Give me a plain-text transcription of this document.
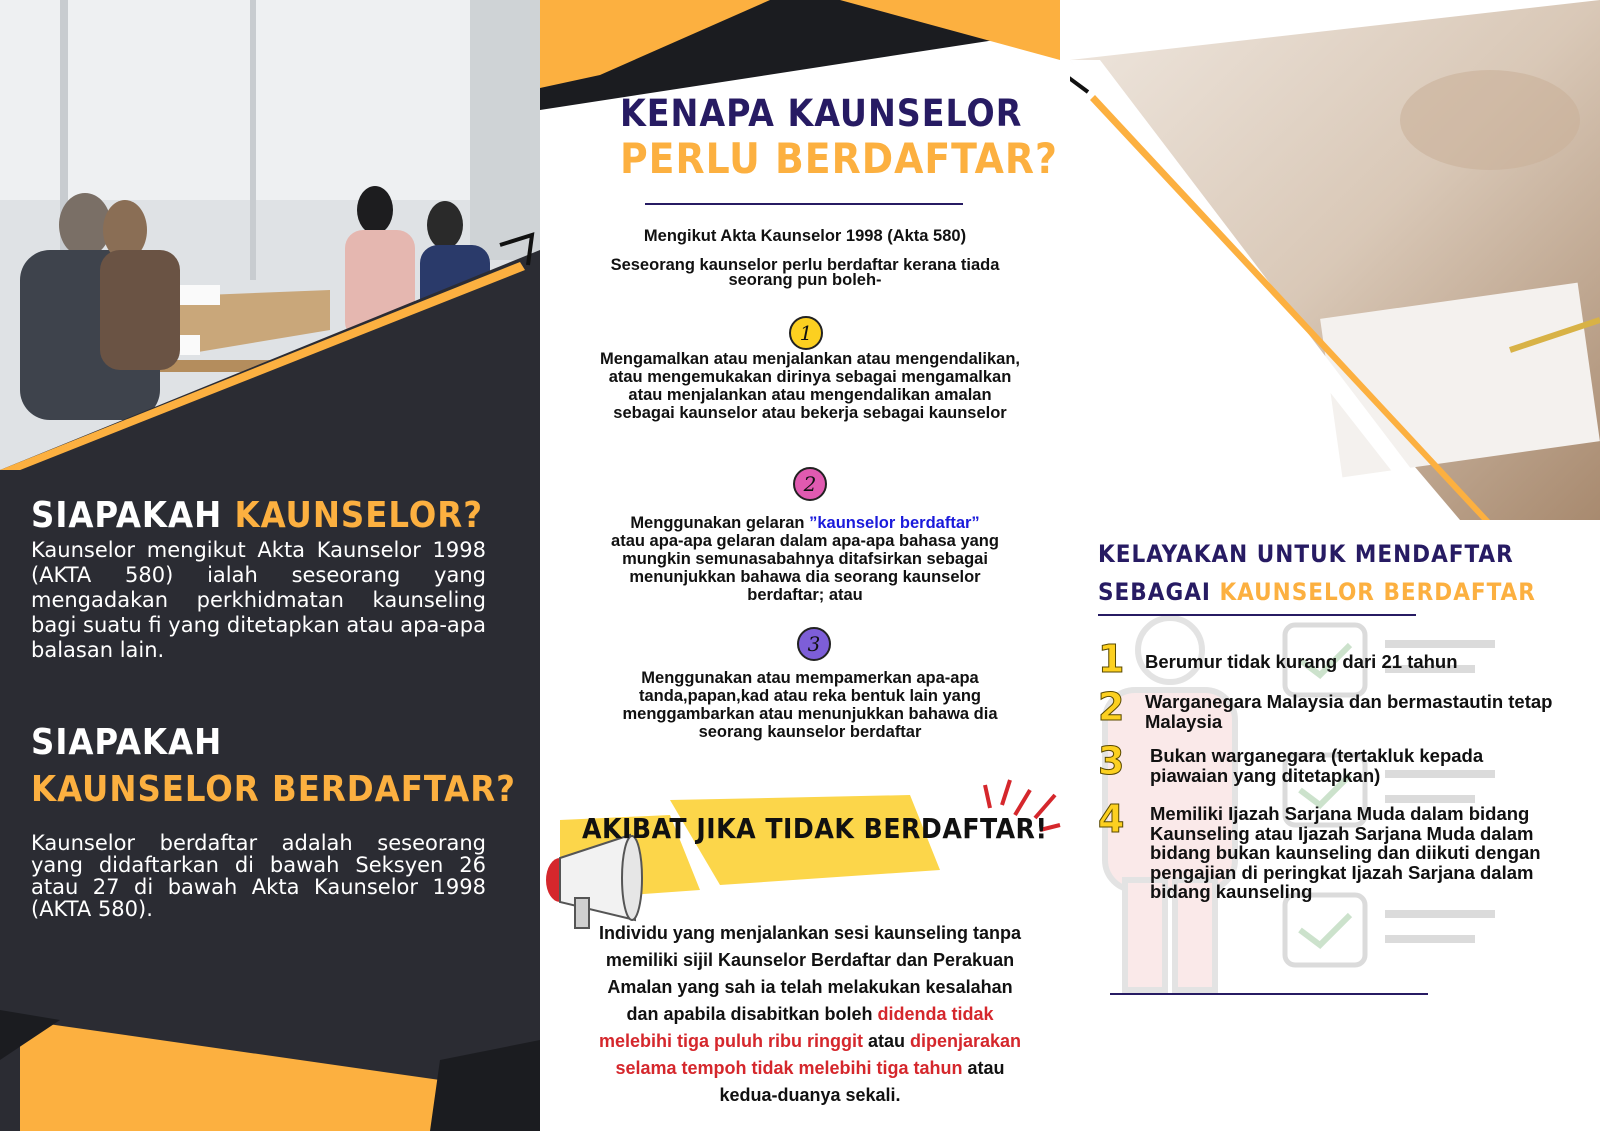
SIAPAKAH KAUNSELOR?
Kaunselor mengikut Akta Kaunselor 1998 (AKTA 580) ialah seseorang yang mengadakan perkhidmatan kaunseling bagi suatu fi yang ditetapkan atau apa-apa balasan lain.
SIAPAKAH
KAUNSELOR BERDAFTAR?
Kaunselor berdaftar adalah seseorang yang didaftarkan di bawah Seksyen 26 atau 27 di bawah Akta Kaunselor 1998 (AKTA 580).
KENAPA KAUNSELOR
PERLU BERDAFTAR?
Mengikut Akta Kaunselor 1998 (Akta 580)
Seseorang kaunselor perlu berdaftar kerana tiada seorang pun boleh-
1
Mengamalkan atau menjalankan atau mengendalikan, atau mengemukakan dirinya sebagai mengamalkan atau menjalankan atau mengendalikan amalan sebagai kaunselor atau bekerja sebagai kaunselor
2
Menggunakan gelaran ”kaunselor berdaftar”
atau apa-apa gelaran dalam apa-apa bahasa yang mungkin semunasabahnya ditafsirkan sebagai menunjukkan bahawa dia seorang kaunselor berdaftar; atau
3
Menggunakan atau mempamerkan apa-apa tanda,papan,kad atau reka bentuk lain yang menggambarkan atau menunjukkan bahawa dia seorang kaunselor berdaftar
AKIBAT JIKA TIDAK BERDAFTAR!
Individu yang menjalankan sesi kaunseling tanpa memiliki sijil Kaunselor Berdaftar dan Perakuan Amalan yang sah ia telah melakukan kesalahan dan apabila disabitkan boleh didenda tidak melebihi tiga puluh ribu ringgit atau dipenjarakan selama tempoh tidak melebihi tiga tahun atau kedua-duanya sekali.
KELAYAKAN UNTUK MENDAFTAR
SEBAGAI KAUNSELOR BERDAFTAR
1 Berumur tidak kurang dari 21 tahun
2 Warganegara Malaysia dan bermastautin tetap Malaysia
3 Bukan warganegara (tertakluk kepada piawaian yang ditetapkan)
4 Memiliki Ijazah Sarjana Muda dalam bidang Kaunseling atau Ijazah Sarjana Muda dalam bidang bukan kaunseling dan diikuti dengan pengajian di peringkat Ijazah Sarjana dalam bidang kaunseling
